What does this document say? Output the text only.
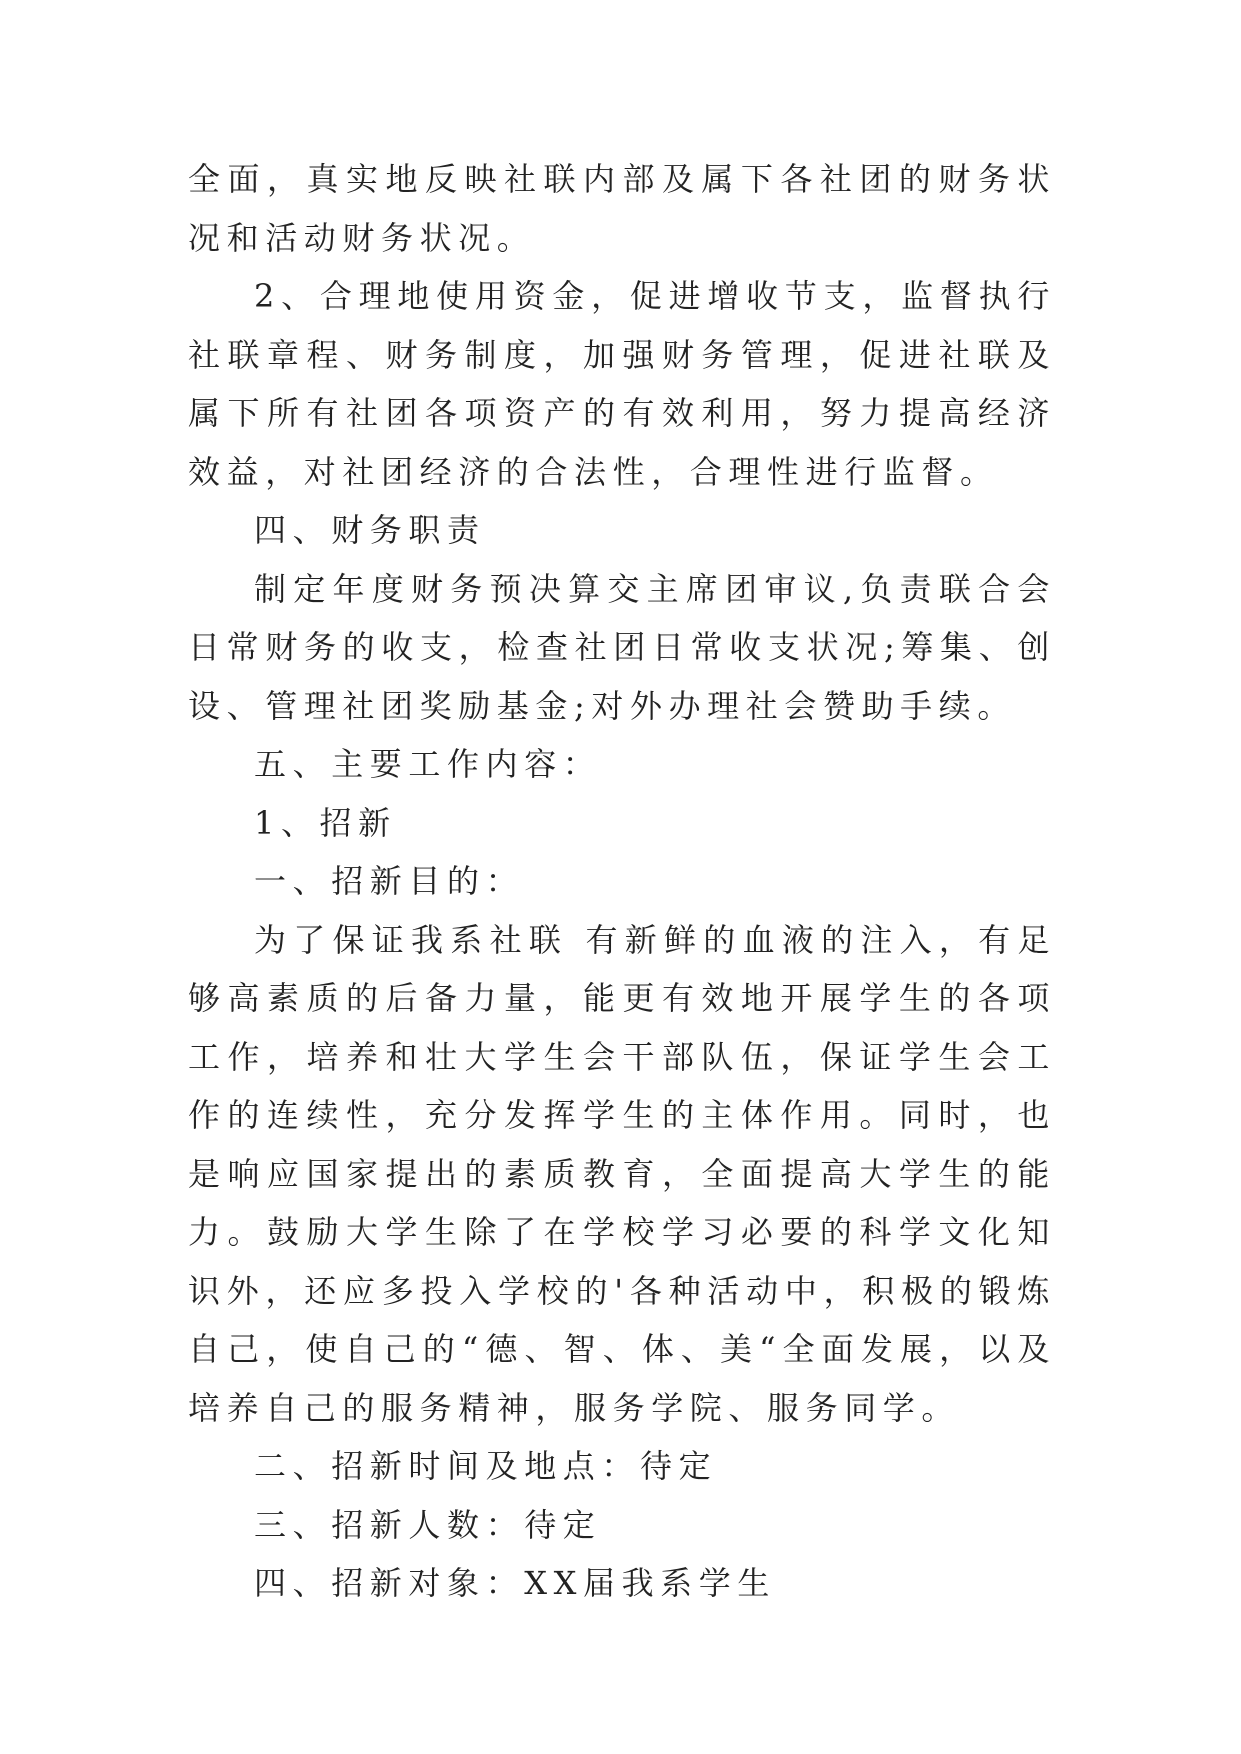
全面，真实地反映社联内部及属下各社团的财务状况和活动财务状况。

2、合理地使用资金，促进增收节支，监督执行社联章程、财务制度，加强财务管理，促进社联及属下所有社团各项资产的有效利用，努力提高经济效益，对社团经济的合法性，合理性进行监督。

四、财务职责

制定年度财务预决算交主席团审议,负责联合会日常财务的收支，检查社团日常收支状况;筹集、创设、管理社团奖励基金;对外办理社会赞助手续。

五、主要工作内容：

1、招新

一、招新目的：

为了保证我系社联 有新鲜的血液的注入，有足够高素质的后备力量，能更有效地开展学生的各项工作，培养和壮大学生会干部队伍，保证学生会工作的连续性，充分发挥学生的主体作用。同时，也是响应国家提出的素质教育，全面提高大学生的能力。鼓励大学生除了在学校学习必要的科学文化知识外，还应多投入学校的'各种活动中，积极的锻炼自己，使自己的“德、智、体、美“全面发展，以及培养自己的服务精神，服务学院、服务同学。

二、招新时间及地点：待定

三、招新人数：待定

四、招新对象：XX届我系学生
